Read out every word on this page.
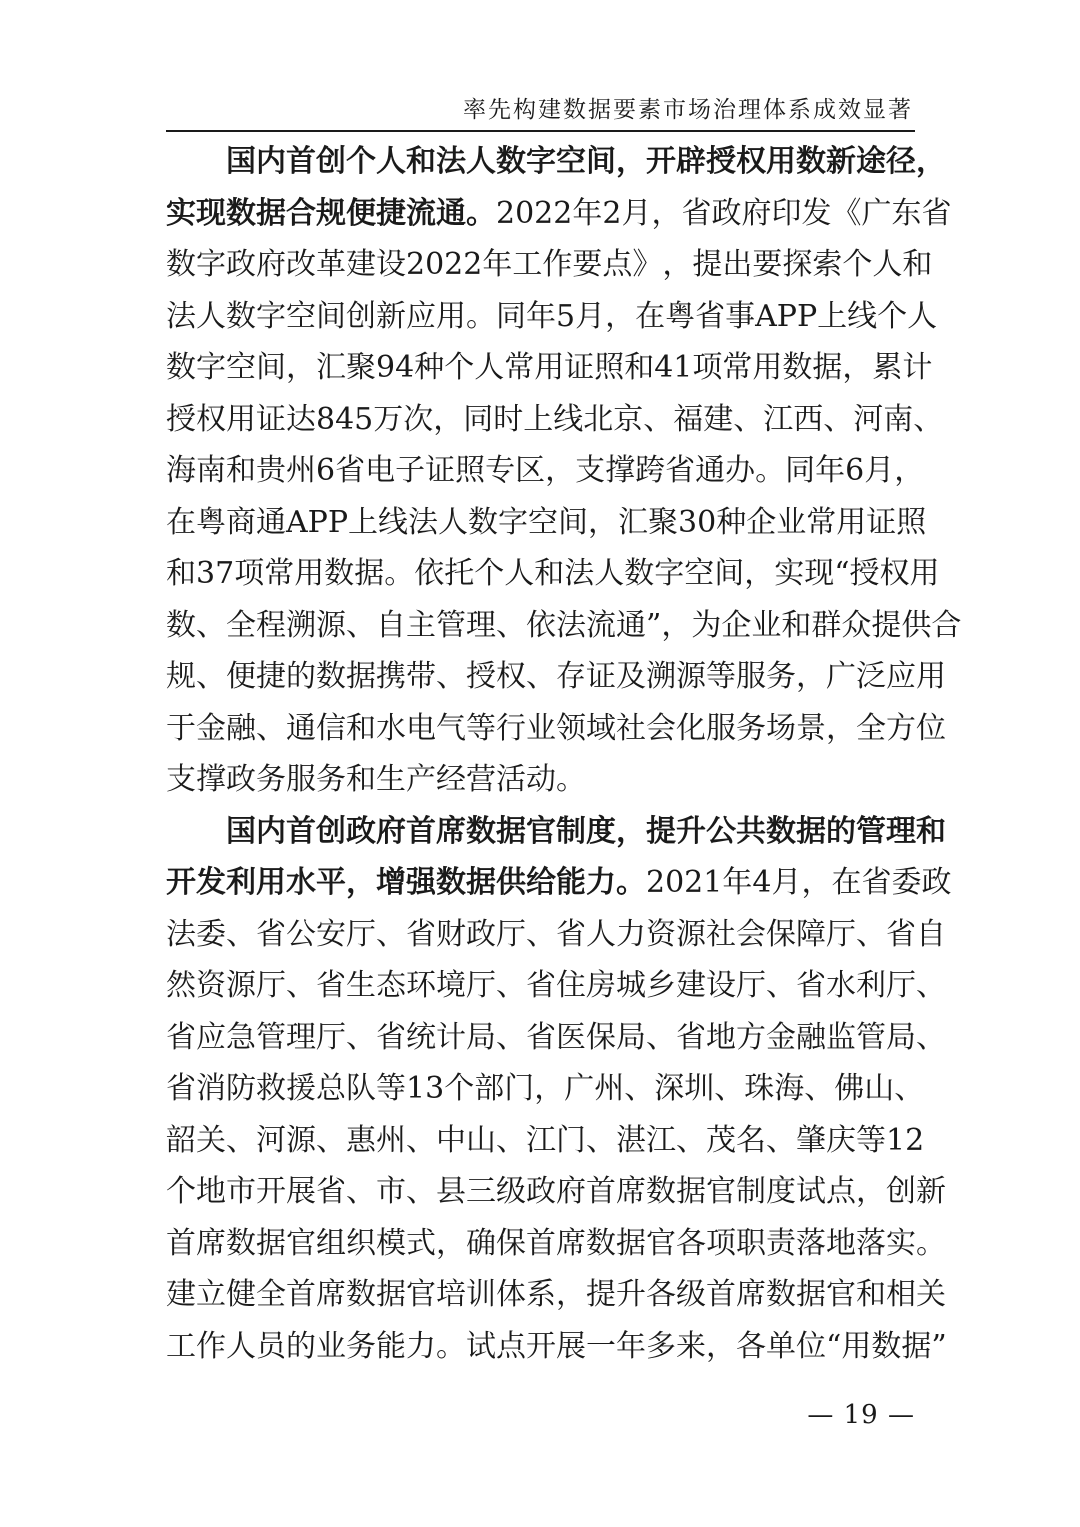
率先构建数据要素市场治理体系成效显著
国 内 首 创 个 人 和 法 人 数 字 空 间 ， 开 辟 授 权 用 数 新 途 径 ，
实 现 数 据 合 规 便 捷 流 通 。 2022 年 2 月 ， 省 政 府 印 发 《 广 东 省
数 字 政 府 改 革 建 设 2022 年 工 作 要 点 》 ， 提 出 要 探 索 个 人 和
法 人 数 字 空 间 创 新 应 用 。 同 年 5 月 ， 在 粤 省 事 APP 上 线 个 人
数 字 空 间 ， 汇 聚 94 种 个 人 常 用 证 照 和 41 项 常 用 数 据 ， 累 计
授 权 用 证 达 845 万 次 ， 同 时 上 线 北 京 、 福 建 、 江 西 、 河 南 、
海 南 和 贵 州 6 省 电 子 证 照 专 区 ， 支 撑 跨 省 通 办 。 同 年 6 月 ，
在 粤 商 通 APP 上 线 法 人 数 字 空 间 ， 汇 聚 30 种 企 业 常 用 证 照
和 37 项 常 用 数 据 。 依 托 个 人 和 法 人 数 字 空 间 ， 实 现 “ 授 权 用
数 、 全 程 溯 源 、 自 主 管 理 、 依 法 流 通 ” ， 为 企 业 和 群 众 提 供 合
规 、 便 捷 的 数 据 携 带 、 授 权 、 存 证 及 溯 源 等 服 务 ， 广 泛 应 用
于 金 融 、 通 信 和 水 电 气 等 行 业 领 域 社 会 化 服 务 场 景 ， 全 方 位
支 撑 政 务 服 务 和 生 产 经 营 活 动 。
国 内 首 创 政 府 首 席 数 据 官 制 度 ， 提 升 公 共 数 据 的 管 理 和
开 发 利 用 水 平 ， 增 强 数 据 供 给 能 力 。 2021 年 4 月 ， 在 省 委 政
法 委 、 省 公 安 厅 、 省 财 政 厅 、 省 人 力 资 源 社 会 保 障 厅 、 省 自
然 资 源 厅 、 省 生 态 环 境 厅 、 省 住 房 城 乡 建 设 厅 、 省 水 利 厅 、
省 应 急 管 理 厅 、 省 统 计 局 、 省 医 保 局 、 省 地 方 金 融 监 管 局 、
省 消 防 救 援 总 队 等 13 个 部 门 ， 广 州 、 深 圳 、 珠 海 、 佛 山 、
韶 关 、 河 源 、 惠 州 、 中 山 、 江 门 、 湛 江 、 茂 名 、 肇 庆 等 12
个 地 市 开 展 省 、 市 、 县 三 级 政 府 首 席 数 据 官 制 度 试 点 ， 创 新
首 席 数 据 官 组 织 模 式 ， 确 保 首 席 数 据 官 各 项 职 责 落 地 落 实 。
建 立 健 全 首 席 数 据 官 培 训 体 系 ， 提 升 各 级 首 席 数 据 官 和 相 关
工 作 人 员 的 业 务 能 力 。 试 点 开 展 一 年 多 来 ， 各 单 位 “ 用 数 据 ”
— 19 —
